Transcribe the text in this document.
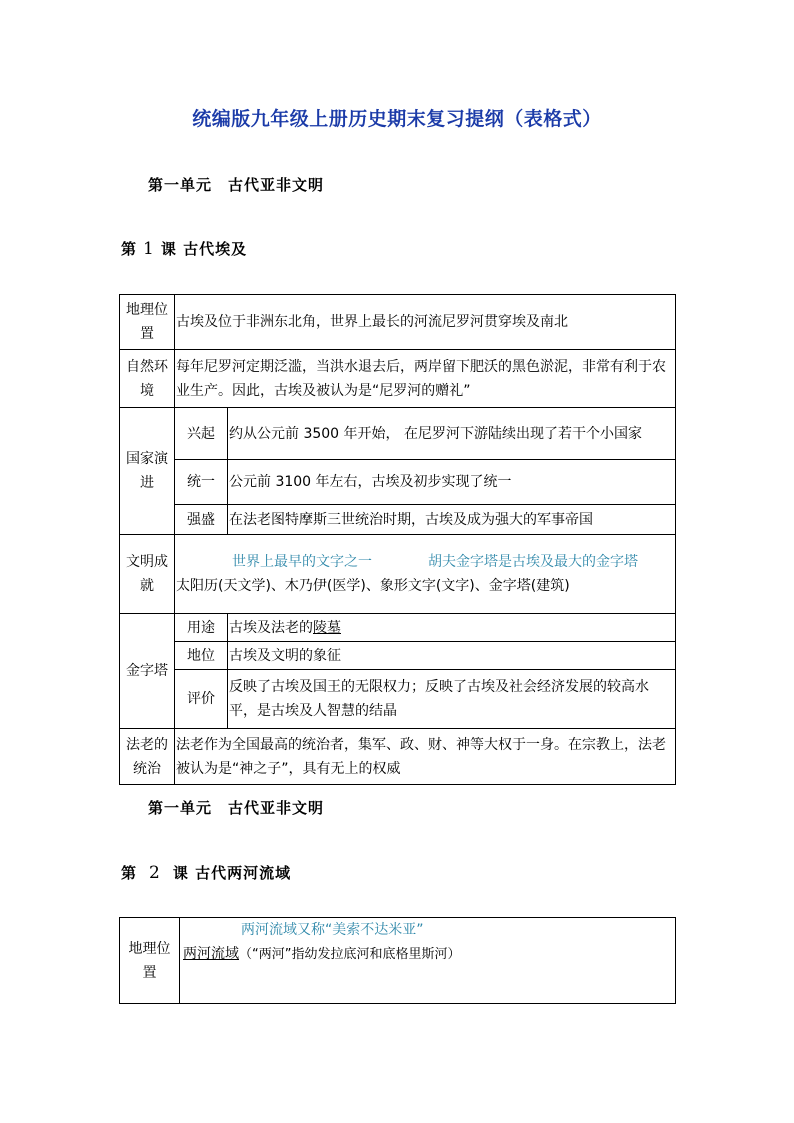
统编版九年级上册历史期末复习提纲（表格式）
第一单元　古代亚非文明
第 1 课 古代埃及
地理位置	古埃及位于非洲东北角，世界上最长的河流尼罗河贯穿埃及南北	
自然环境	每年尼罗河定期泛滥，当洪水退去后，两岸留下肥沃的黑色淤泥，非常有利于农业生产。因此，古埃及被认为是“尼罗河的赠礼”	
国家演进	兴起	约从公元前 3500 年开始， 在尼罗河下游陆续出现了若干个小国家
	统一	公元前 3100 年左右，古埃及初步实现了统一
	强盛	在法老图特摩斯三世统治时期，古埃及成为强大的军事帝国
文明成就	世界上最早的文字之一 胡夫金字塔是古埃及最大的金字塔
太阳历(天文学)、木乃伊(医学)、象形文字(文字)、金字塔(建筑)	
金字塔	用途	古埃及法老的陵墓
	地位	古埃及文明的象征
	评价	反映了古埃及国王的无限权力；反映了古埃及社会经济发展的较高水平，是古埃及人智慧的结晶
法老的统治	法老作为全国最高的统治者，集军、政、财、神等大权于一身。在宗教上，法老被认为是“神之子”，具有无上的权威	
第一单元　古代亚非文明
第 2 课 古代两河流域
地理位置	两河流域又称“美索不达米亚”
两河流域（“两河”指幼发拉底河和底格里斯河）
